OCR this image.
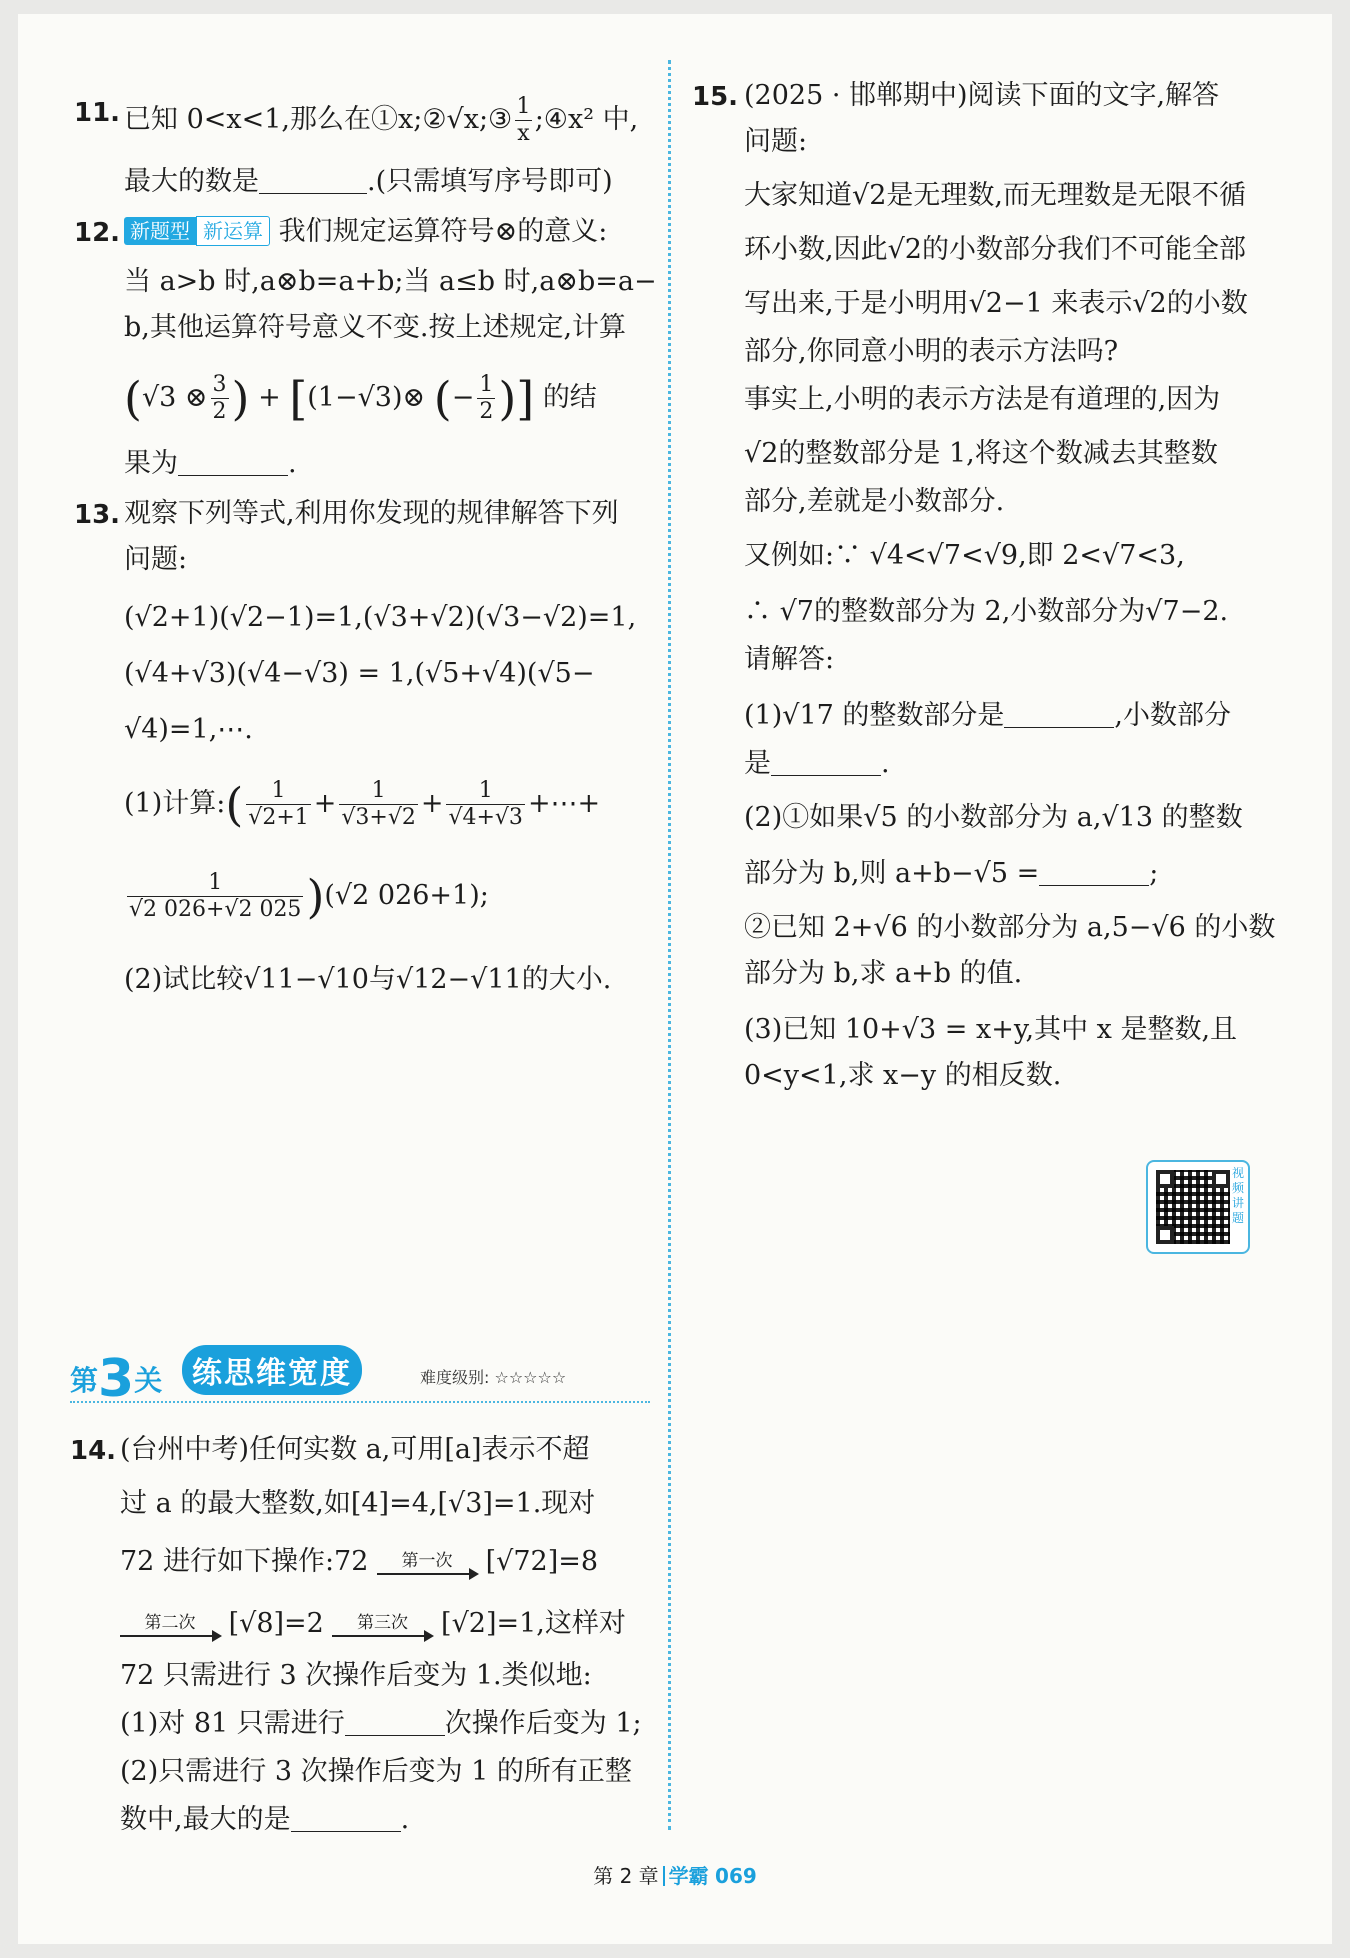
11. 已知 0<x<1,那么在①x;②√x;③ $\frac{1}{x}$ ;④x² 中,
最大的数是	.(只需填写序号即可)
12. 新题型 新运算 我们规定运算符号⊗的意义:
当 a>b 时,a⊗b=a+b;当 a≤b 时,a⊗b=a−
b,其他运算符号意义不变.按上述规定,计算
(√3 ⊗ $\frac{3}{2}$ ) + [(1−√3)⊗ (− $\frac{1}{2}$ )] 的结
果为	.
13. 观察下列等式,利用你发现的规律解答下列
问题:
(√2+1)(√2−1)=1,(√3+√2)(√3−√2)=1,
(√4+√3)(√4−√3) = 1,(√5+√4)(√5−
√4)=1,⋯.
(1)计算:( $\frac{1}{√2+1} + \frac{1}{√3+√2} + \frac{1}{√4+√3}$ +⋯+
$\frac{1}{√2 026+√2 025} )(√2$ 026+1);
(2)试比较√11−√10与√12−√11的大小.
第3关 练思维宽度	难度级别: ☆☆☆☆☆
14. (台州中考)任何实数 a,可用[a]表示不超
过 a 的最大整数,如[4]=4,[√3]=1.现对
72 进行如下操作:72	第一次	[√72]=8
第二次	[√8]=2	第三次	[√2]=1,这样对
72 只需进行 3 次操作后变为 1.类似地:
(1)对 81 只需进行	次操作后变为 1;
(2)只需进行 3 次操作后变为 1 的所有正整
数中,最大的是	.
15. (2025 · 邯郸期中)阅读下面的文字,解答
问题:
大家知道√2是无理数,而无理数是无限不循
环小数,因此√2的小数部分我们不可能全部
写出来,于是小明用√2−1 来表示√2的小数
部分,你同意小明的表示方法吗?
事实上,小明的表示方法是有道理的,因为
√2的整数部分是 1,将这个数减去其整数
部分,差就是小数部分.
又例如:∵ √4<√7<√9,即 2<√7<3,
∴ √7的整数部分为 2,小数部分为√7−2.
请解答:
(1)√17 的整数部分是	,小数部分
是	.
(2)①如果√5 的小数部分为 a,√13 的整数
部分为 b,则 a+b−√5 =	;
②已知 2+√6 的小数部分为 a,5−√6 的小数
部分为 b,求 a+b 的值.
(3)已知 10+√3 = x+y,其中 x 是整数,且
0<y<1,求 x−y 的相反数.
视频讲题
第 2 章 学霸 069
